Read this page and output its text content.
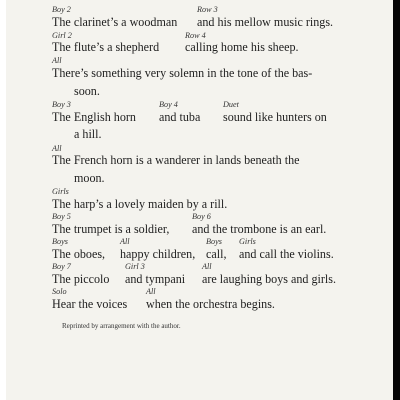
Boy 2	Row 3
The clarinet’s a woodman and his mellow music rings.
Girl 2	Row 4
The flute’s a shepherd calling home his sheep.
All
There’s something very solemn in the tone of the bas-
soon.
Boy 3	Boy 4	Duet
The English horn and tuba sound like hunters on
a hill.
All
The French horn is a wanderer in lands beneath the
moon.
Girls
The harp’s a lovely maiden by a rill.
Boy 5	Boy 6
The trumpet is a soldier, and the trombone is an earl.
Boys	All	Boys Girls
The oboes, happy children, call, and call the violins.
Boy 7	Girl 3	All
The piccolo and tympani are laughing boys and girls.
Solo	All
Hear the voices when the orchestra begins.
Reprinted by arrangement with the author.
